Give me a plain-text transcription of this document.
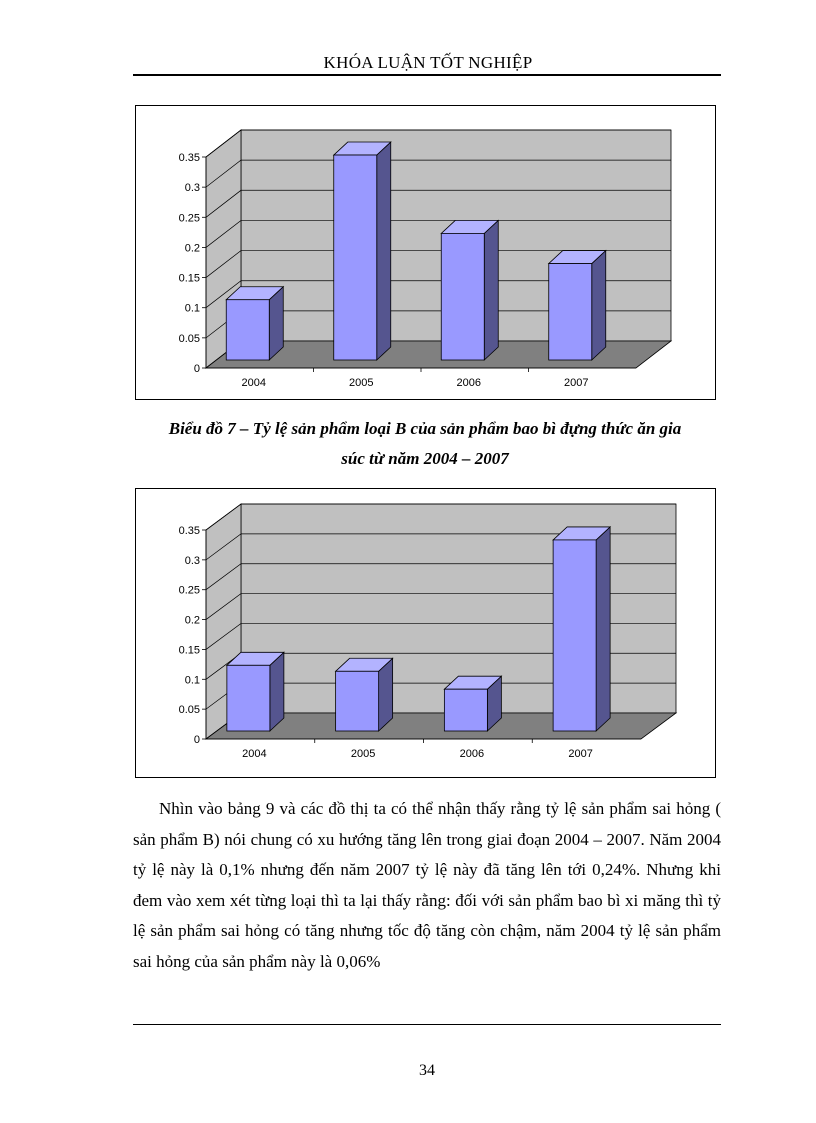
KHÓA LUẬN TỐT NGHIỆP
0
0.05
0.1
0.15
0.2
0.25
0.3
0.35
2004	2005	2006	2007
Biểu đồ 7 – Tỷ lệ sản phẩm loại B của sản phẩm bao bì đựng thức ăn gia
súc từ năm 2004 – 2007
0
0.05
0.1
0.15
0.2
0.25
0.3
0.35
2004	2005	2006	2007

Nhìn vào bảng 9 và các đồ thị ta có thể nhận thấy rằng tỷ lệ sản phẩm sai hỏng ( sản phẩm B) nói chung có xu hướng tăng lên trong giai đoạn 2004 – 2007. Năm 2004 tỷ lệ này là 0,1% nhưng đến năm 2007 tỷ lệ này đã tăng lên tới 0,24%. Nhưng khi đem vào xem xét từng loại thì ta lại thấy rằng: đối với sản phẩm bao bì xi măng thì tỷ lệ sản phẩm sai hỏng có tăng nhưng tốc độ tăng còn chậm, năm 2004 tỷ lệ sản phẩm sai hỏng của sản phẩm này là 0,06%

34
